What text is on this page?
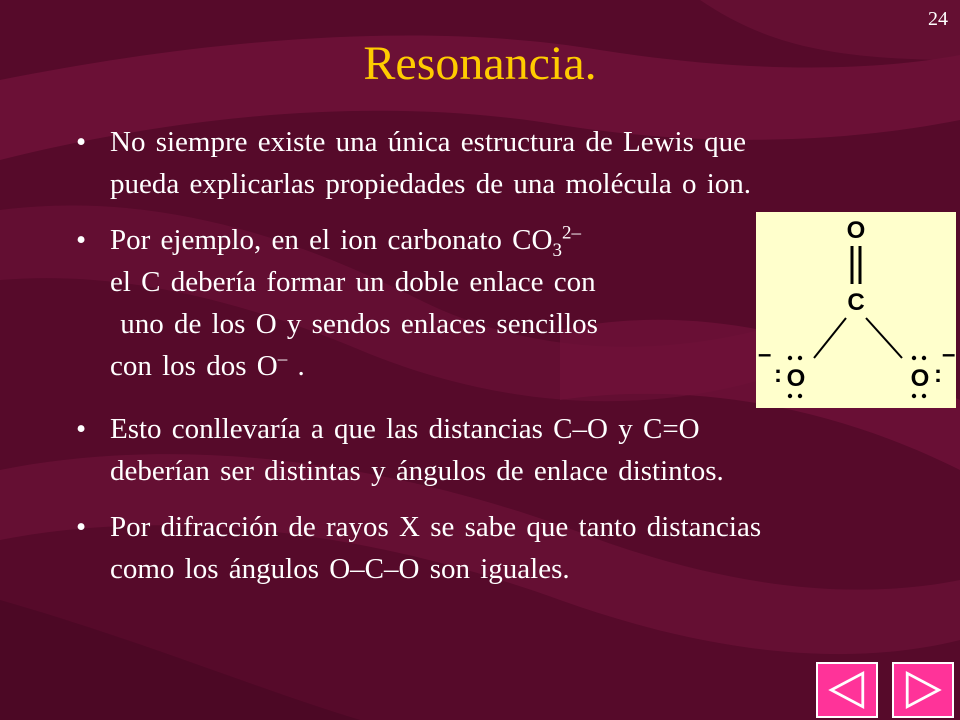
24
Resonancia.
• No siempre existe una única estructura de Lewis que
pueda explicarlas propiedades de una molécula o ion.
• Por ejemplo, en el ion carbonato $CO_3^{2-}$
el C debería formar un doble enlace con
uno de los O y sendos enlaces sencillos
con los dos O– .
• Esto conllevaría a que las distancias C–O y C=O
deberían ser distintas y ángulos de enlace distintos.
• Por difracción de rayos X se sabe que tanto distancias
como los ángulos O–C–O son iguales.
O
C
–
: O	O :
–
